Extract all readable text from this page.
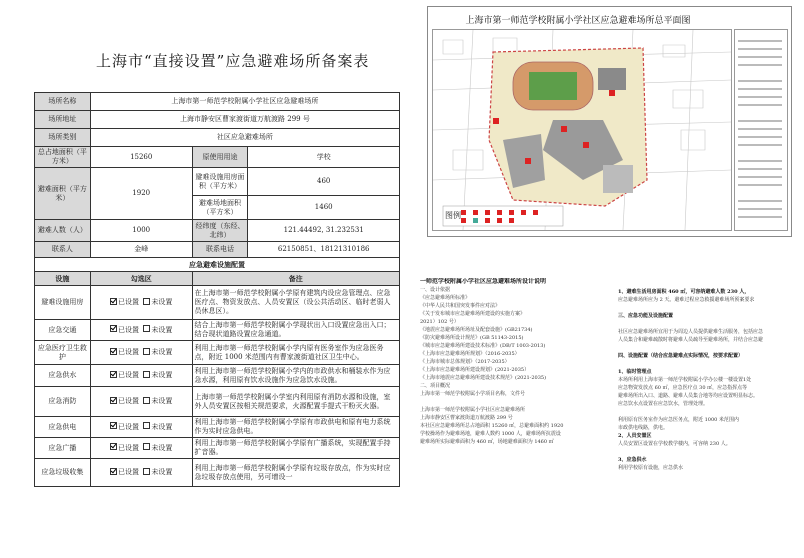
上海市“直接设置”应急避难场所备案表
场所名称	上海市第一师范学校附属小学社区应急避难场所		
场所地址	上海市静安区曹家渡街道万航渡路 299 号		
场所类别	社区应急避难场所		
总占地面积（平方米）	15260	原使用用途	学校
避难面积（平方米）	1920	避难设施用房面积（平方米）	460
		避难场地面积（平方米）	1460
避难人数（人）	1000	经纬度（东经、北纬）	121.44492, 31.232531
联系人	金峰	联系电话	62150851、18121310186
应急避难设施配置			
设施	勾选区	备注	
避难设施用房	已设置 未设置	在上海市第一师范学校附属小学原有建筑内设应急管理点、应急医疗点、物资发放点、人员安置区（设公共活动区、临时老弱人员休息区）。	
应急交通	已设置 未设置	结合上海市第一师范学校附属小学现状出入口设置应急出入口；结合现状道路设置应急通道。	
应急医疗卫生救护	已设置 未设置	利用上海市第一师范学校附属小学内原有医务室作为应急医务点，附近 1000 米范围内有曹家渡街道社区卫生中心。	
应急供水	已设置 未设置	利用上海市第一师范学校附属小学内的市政供水和桶装水作为应急水源，利用原有饮水设施作为应急饮水设施。	
应急消防	已设置 未设置	上海市第一师范学校附属小学室内利用原有消防水源和设施，室外人员安置区按相关规范要求，火源配置手提式干粉灭火器。	
应急供电	已设置 未设置	利用上海市第一师范学校附属小学原有市政供电和原有电力系统作为实时应急供电。	
应急广播	已设置 未设置	利用上海市第一师范学校附属小学原有广播系统，实现配置手持扩音器。	
应急垃圾收集	已设置 未设置	利用上海市第一师范学校附属小学原有垃圾存放点，作为实时应急垃圾存放点使用，另可增设一	
上海市第一师范学校附属小学社区应急避难场所总平面图
图例
一师范学校附属小学社区应急避难场所设计说明
一、设计依据
《应急避难场所标准》
《中华人民共和国突发事件应对法》
《关于发布城市应急避难场所建设的实施方案》
2021）102 号）
《地震应急避难场所场址及配套设施》(GB21734)
《防灾避难场所设计规范》(GB 51143-2015)
《城市应急避难场所建设技术标准》(DB/T 1003-2013)
《上海市应急避难场所规划》（2016-2035）
《上海市城市总体规划》（2017-2035）
《上海市应急避难场所建设规划》(2021-2035）
《上海市地震应急避难场所建设技术规范》(2021-2035)
二、项目概况
上海市第一师范学校附属小学项目名称，文件号
上海市第一师范学校附属小学社区应急避难场所
上海市静安区曹家渡街道万航渡路 299 号
本社区应急避难场所总占地面积 15260 ㎡，总避难面积约 1920
学校操场作为避难场地，避难人数约 1000 人，避难场所抗震设
避难场所实际避难面积为 460 ㎡，场地避难面积为 1460 ㎡
1、避难生活用房面积 460 ㎡，可容纳避难人数 230 人，
应急避难场所应为 2 天。避难过程应急救援避难场所预案要求
三、应急功能及设施配置
社区应急避难场所宜用于为周边人员提供避难生活服务，包括应急
人员集合和避难疏散时将避难人员疏导至避难场所，并结合应急避
四、设施配置（结合应急避难点实际情况，按要求配置）
1、临时管理点
本场所利用上海市第一师范学校附属小学办公楼一楼设置1处
应急物资发放点 60 ㎡，应急医疗点 30 ㎡，应急指挥点等
避难场所出入口、道路、避难人员集合地等均应设置明显标志。
应急饮水点设置在应急饮水，管理处理。
利用原有医务室作为应急医务点，附近 1000 米范围内
市政供电线路，供电。
2、人员安置区
人员安置区设置在学校教学楼内，可容纳 230 人。
3、应急供水
利用学校原有设施，应急供水
